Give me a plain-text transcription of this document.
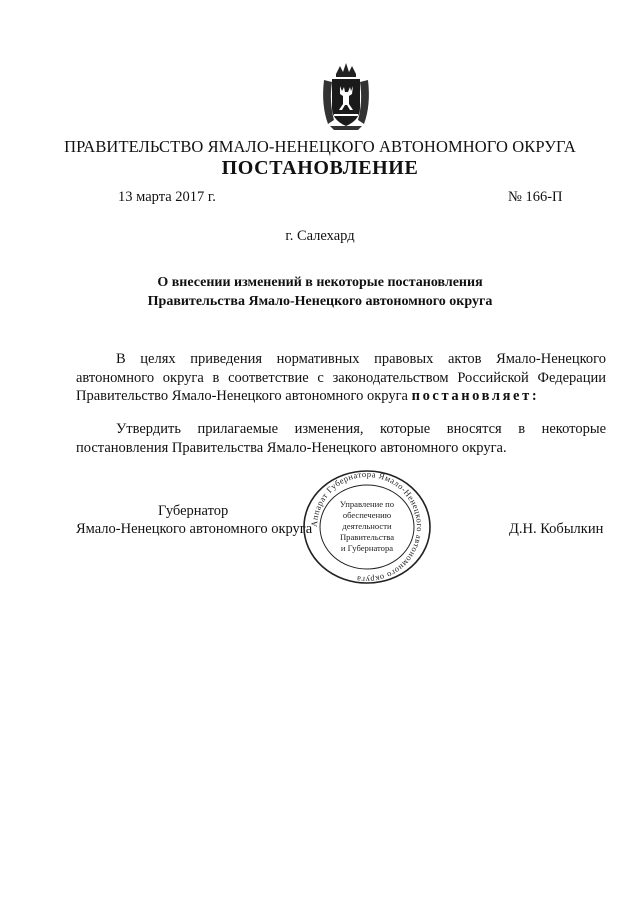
ПРАВИТЕЛЬСТВО ЯМАЛО-НЕНЕЦКОГО АВТОНОМНОГО ОКРУГА
ПОСТАНОВЛЕНИЕ
13 марта 2017 г.	№ 166-П
г. Салехард
О внесении изменений в некоторые постановления
Правительства Ямало-Ненецкого автономного округа
В целях приведения нормативных правовых актов Ямало-Ненецкого автономного округа в соответствие с законодательством Российской Федерации Правительство Ямало-Ненецкого автономного округа постановляет:
Утвердить прилагаемые изменения, которые вносятся в некоторые постановления Правительства Ямало-Ненецкого автономного округа.
Губернатор
Ямало-Ненецкого автономного округа	Д.Н. Кобылкин
Аппарат Губернатора Ямало-Ненецкого автономного округа
Управление по
обеспечению
деятельности
Правительства
и Губернатора
